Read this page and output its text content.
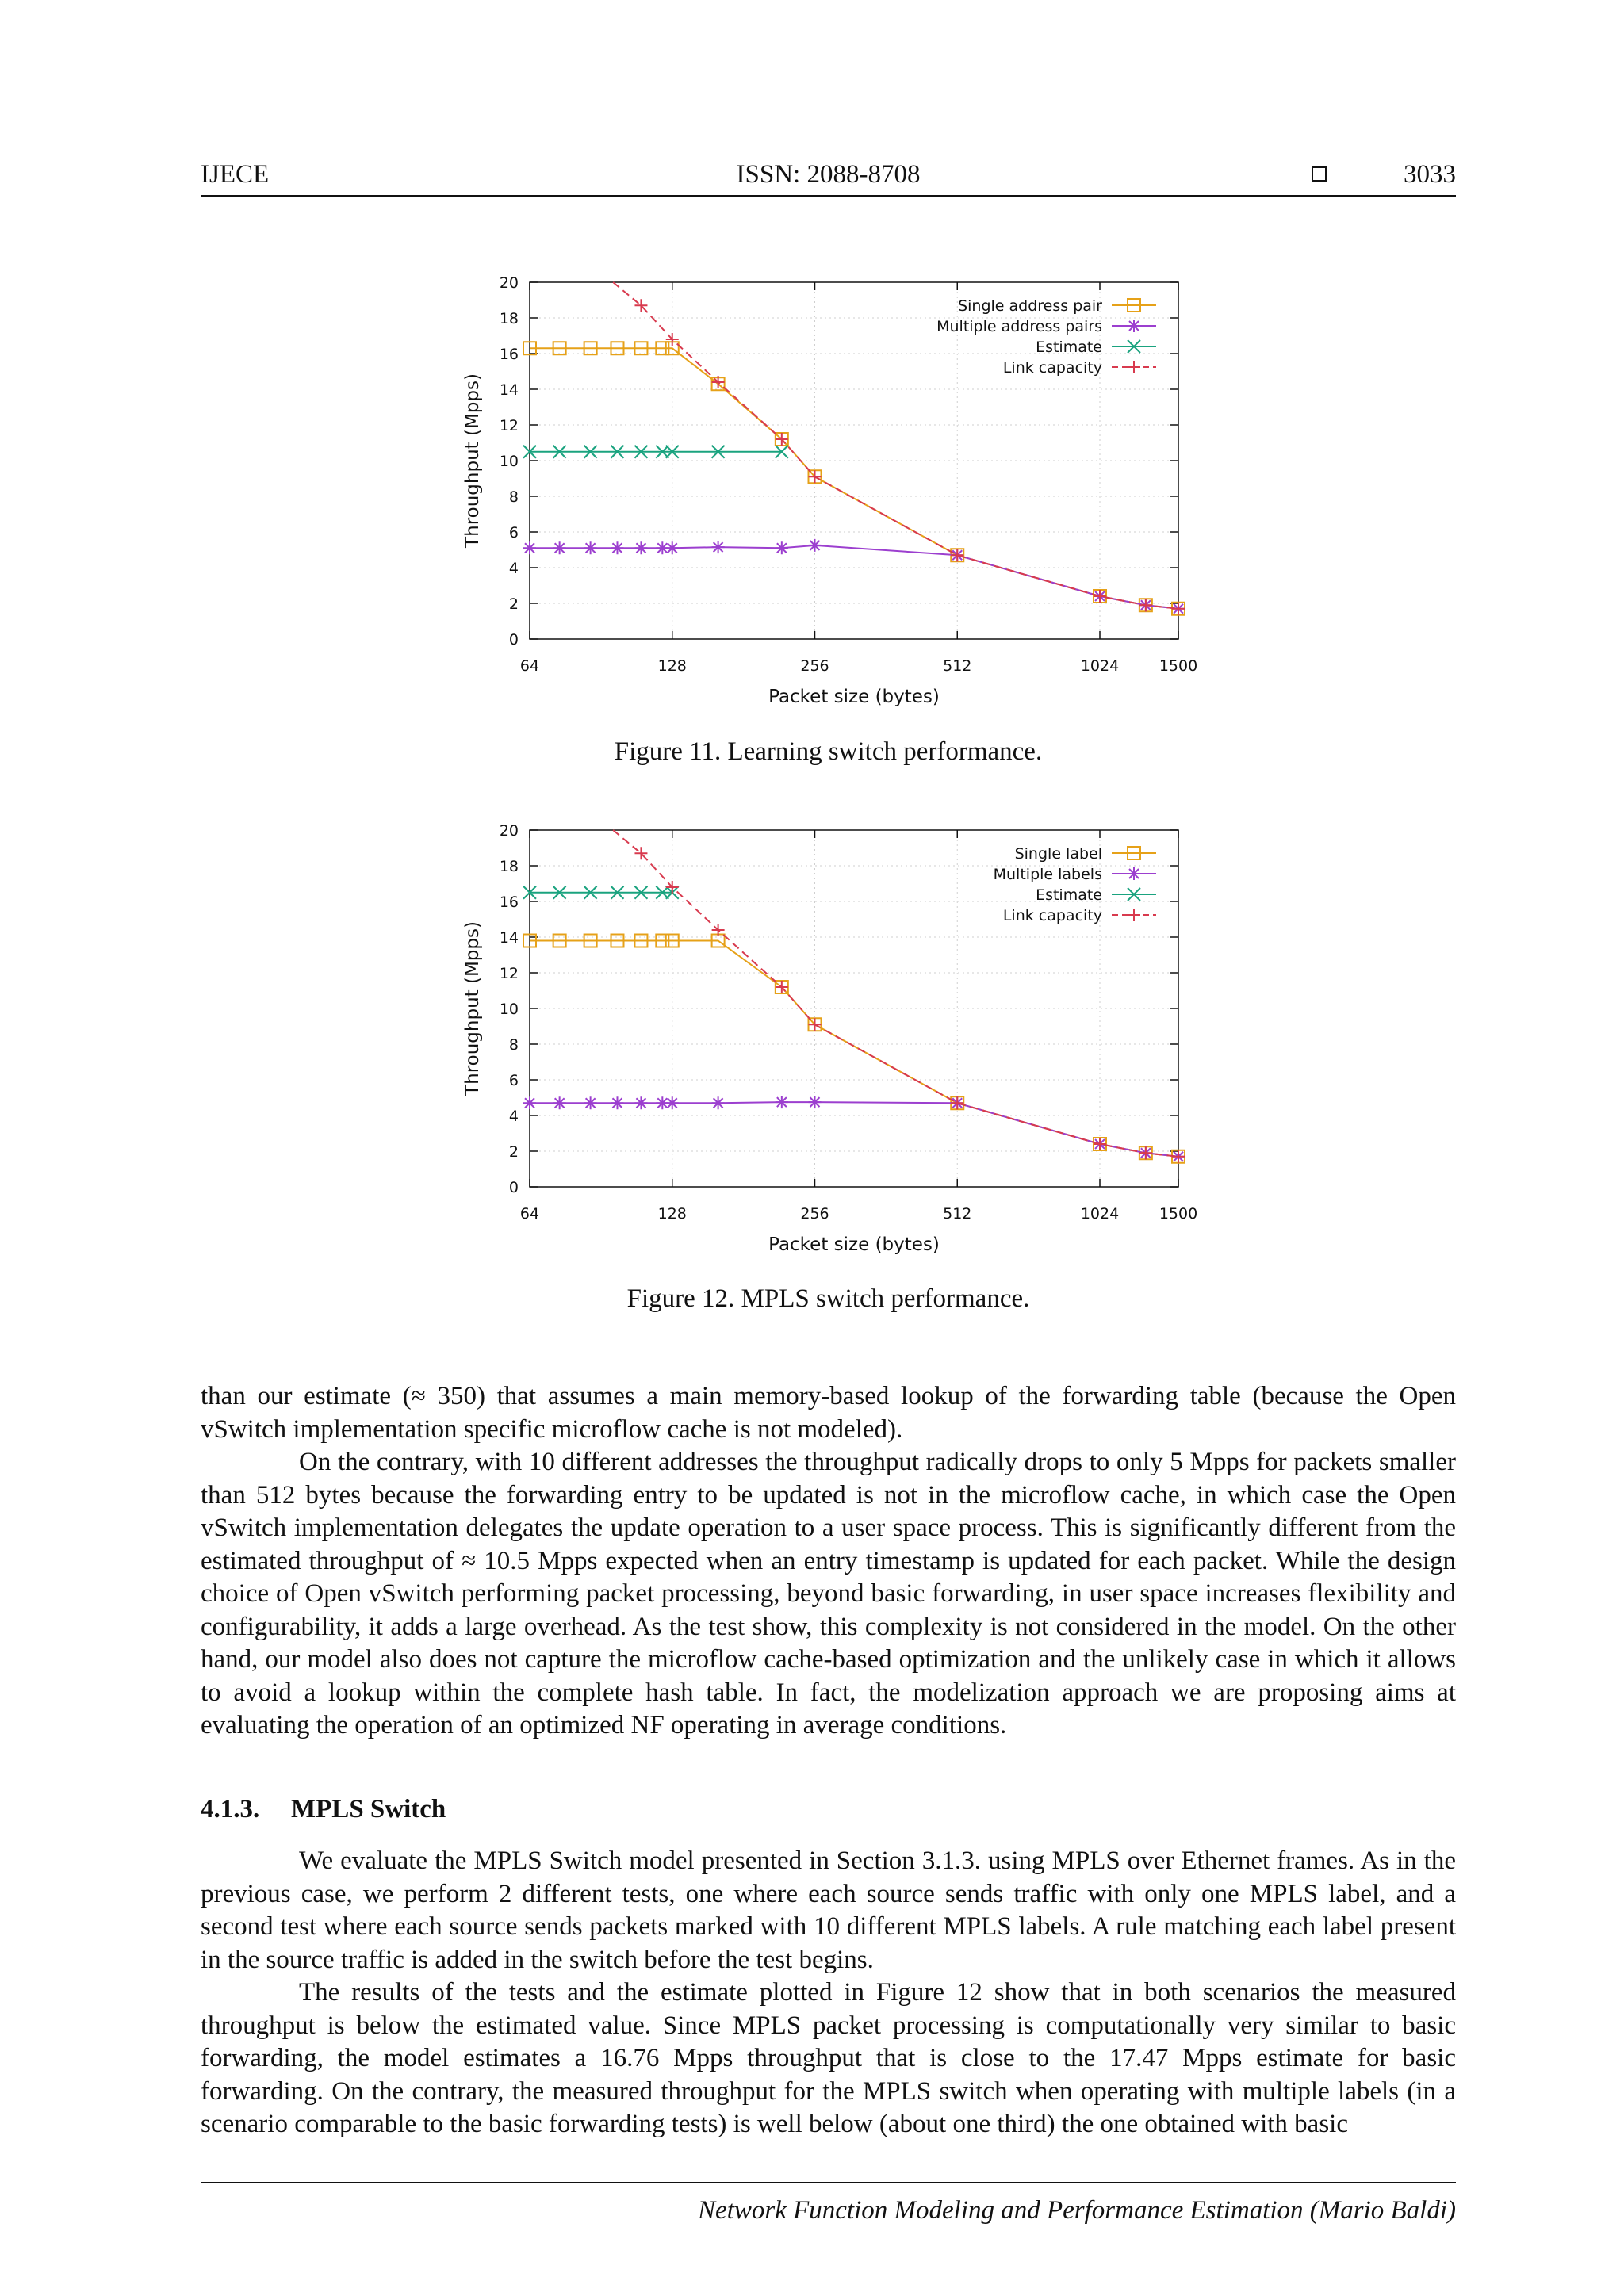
IJECE	ISSN: 2088-8708	3033
0
2
4
6
8
10
12
14
16
18
20
64	128	256	512	1024	1500
Packet size (bytes)
Throughput (Mpps)
Single address pair
Multiple address pairs
Estimate
Link capacity
Figure 11. Learning switch performance.
0
2
4
6
8
10
12
14
16
18
20
64	128	256	512	1024	1500
Packet size (bytes)
Throughput (Mpps)
Single label
Multiple labels
Estimate
Link capacity
Figure 12. MPLS switch performance.

than our estimate (≈ 350) that assumes a main memory-based lookup of the forwarding table (because the Open vSwitch implementation specific microflow cache is not modeled).

On the contrary, with 10 different addresses the throughput radically drops to only 5 Mpps for packets smaller than 512 bytes because the forwarding entry to be updated is not in the microflow cache, in which case the Open vSwitch implementation delegates the update operation to a user space process. This is significantly different from the estimated throughput of ≈ 10.5 Mpps expected when an entry timestamp is updated for each packet. While the design choice of Open vSwitch performing packet processing, beyond basic forwarding, in user space increases flexibility and configurability, it adds a large overhead. As the test show, this complexity is not considered in the model. On the other hand, our model also does not capture the microflow cache-based optimization and the unlikely case in which it allows to avoid a lookup within the complete hash table. In fact, the modelization approach we are proposing aims at evaluating the operation of an optimized NF operating in average conditions.

4.1.3. MPLS Switch

We evaluate the MPLS Switch model presented in Section 3.1.3. using MPLS over Ethernet frames. As in the previous case, we perform 2 different tests, one where each source sends traffic with only one MPLS label, and a second test where each source sends packets marked with 10 different MPLS labels. A rule matching each label present in the source traffic is added in the switch before the test begins.

The results of the tests and the estimate plotted in Figure 12 show that in both scenarios the measured throughput is below the estimated value. Since MPLS packet processing is computationally very similar to basic forwarding, the model estimates a 16.76 Mpps throughput that is close to the 17.47 Mpps estimate for basic forwarding. On the contrary, the measured throughput for the MPLS switch when operating with multiple labels (in a scenario comparable to the basic forwarding tests) is well below (about one third) the one obtained with basic

Network Function Modeling and Performance Estimation (Mario Baldi)
